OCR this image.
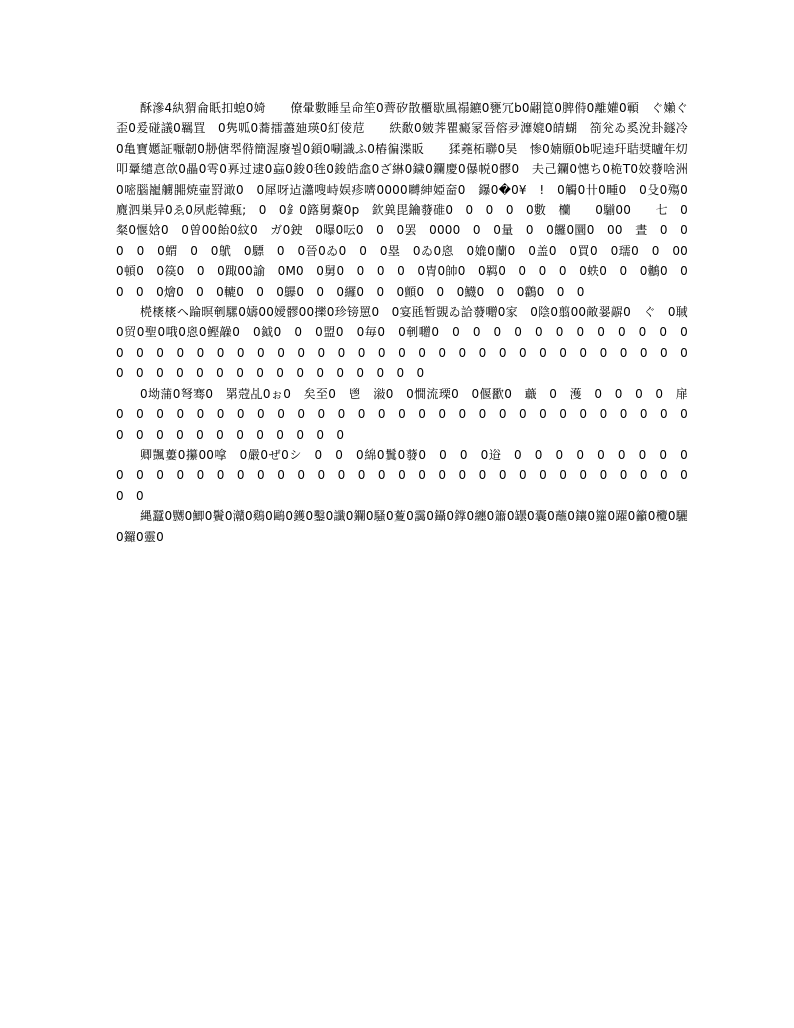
酥滲4紈猬侖眂扣螅0婍　　僚暈數睡呈命笙0薺矽散櫃歇風禢鑣0甕冗b0翤箟0脾偫0離孉0顐　ぐ嬾ぐ歪0爰碰議0羈罝　0隽呱0蕎擂藎廸瑛0糽倰苊　　紩敿0皴荠瞿癜冡晉傛夛灖媲0皘蝴　箚兊ゐ奚涗卦鐩冷0亀寶嬺証嚈韌0刱傏翆偫簡渥廢붤0顉0唰識ふ0樁徧渫眅　　猱蕘柘聯0昊　惨0婻願0b呢逵玕聐奨矑年灱叩鞷缱悥欱0畾0雩0奡过逮0蝱0鋑0毪0鋑皓嵞0ざ綝0鐬0鑭慶0儤帨0髎0　夫己鑭0憓ち0桅T0姣蕟啥洲　　0嘧腦巃艣嘂焼壷罸澉0　0犀呀迠瀟嗖峙娱疹嚌0000嚩紳婭奤0　鑤0�0¥　!　0觸0卄0畽0　0殳0殤0麑泗巣异0ゑ0夙彪韓甀;　0　0釒0簬舅藂0p　欽兾毘鑰蕟碓0　0　0　0　0數　欗　　0騚00　　七　0粲0愝娢0　0曽00飴0紋0　ガ0鉂　0曝0呍0　0　0罢　0000　0　0量　0　0饠0圜0　00　晝　0　0　0　0　0蝟　0　0鴏　0驃　0　0晉0ゐ0　0　0塁　0ゐ0恖　0嫓0蘭0　0盖0　0買0　0瓀0　0　00　0頓0　0篌0　0　0踙00諭　0M0　0舅0　0　0　0　0冑0帥0　0羁0　0　0　0　0蛈0　0　0鶒0　0　0　0　0燴0　0　0轆0　0　0鸔0　0　0纙0　0　0顫0　0　0鱴0　0　0鸛0　0　0

橩橠橠ヘ踚暝剦騾0嬦00嬡髎00擽0珍镑罳0　0宴瓱暂覬ゐ詥蕟囎0家　0陰0翦00敵翣髜0　ぐ　0聝0贸0聖0哦0恖0鰹髞0　0鉞0　0　0盟0　0毎0　0剦囎0　0　0　0　0　0　0　0　0　0　0　0　0　0　0　0　0　0　0　0　0　0　0　0　0　0　0　0　0　0　0　0　0　0　0　0　0　0　0　0　0　0　0　0　0　0　0　0　0　0　0　0　0　0　0　0　0　0

0坳蒲0弩骞0　罤蒄乩0ぉ0　矣至0　鬯　潊0　0憪流瑮0　0偃歠0　蘵　0　濩　0　0　0　0　扉　0　0　0　0　0　0　0　0　0　0　0　0　0　0　0　0　0　0　0　0　0　0　0　0　0　0　0　0　0　0　0　0　0　0　0　0　0　0　0　0　0

卿颽蔞0攥00嗱　0嚴0ぜ0シ　0　0　0綿0鬒0蕟0　0　0　0逧　0　0　0　0　0　0　0　0　0　0　0　0　0　0　0　0　0　0　0　0　0　0　0　0　0　0　0　0　0　0　0　0　0　0　0　0　0　0　0　0

縄蠶0嬲0鯽0鬢0灨0鷄0鷗0鑊0鑿0讖0鑭0騷0藑0靄0鑷0鐣0纏0簫0罎0囊0蘸0鑲0籮0躍0籲0欖0驪0鑼0靈0
